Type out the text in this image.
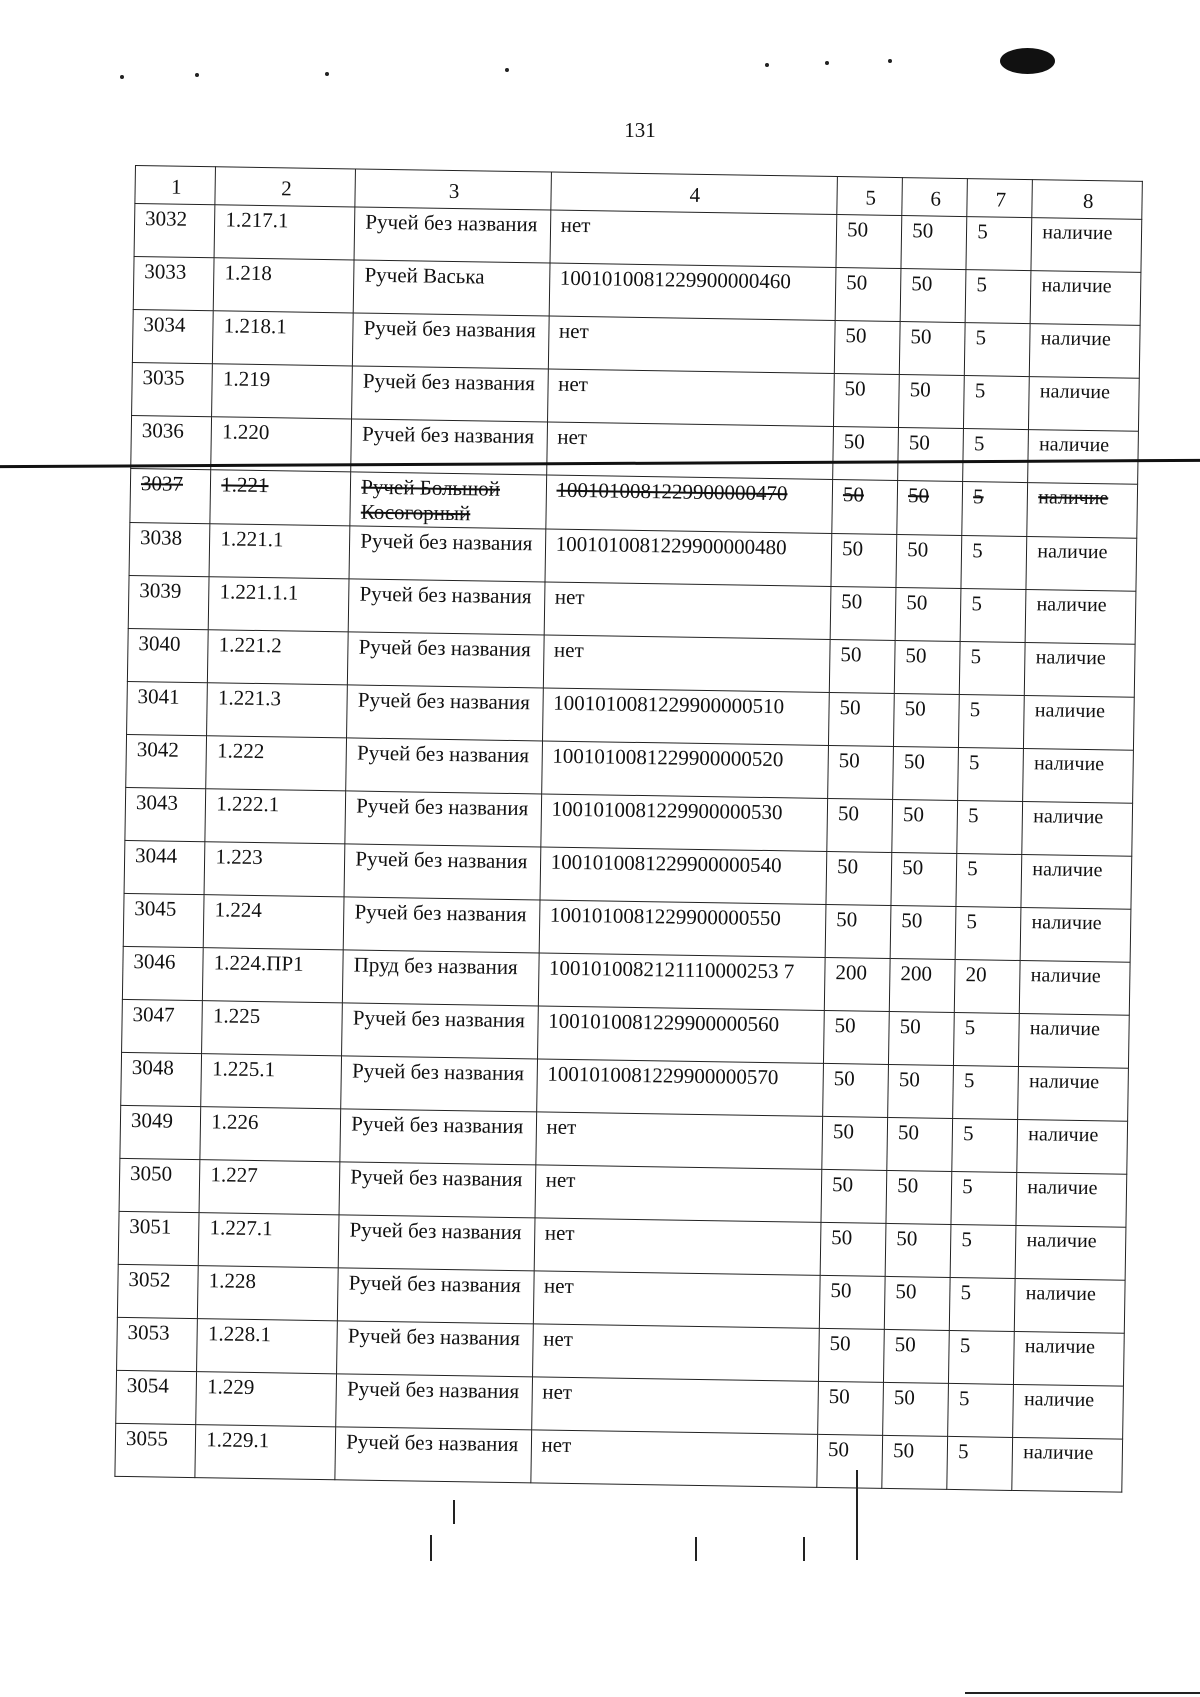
131
1	2	3	4	5	6	7	8
3032	1.217.1	Ручей без названия	нет	50	50	5	наличие
3033	1.218	Ручей Васька	1001010081229900000460	50	50	5	наличие
3034	1.218.1	Ручей без названия	нет	50	50	5	наличие
3035	1.219	Ручей без названия	нет	50	50	5	наличие
3036	1.220	Ручей без названия	нет	50	50	5	наличие
3037	1.221	Ручей Большой Косогорный	1001010081229900000470	50	50	5	наличие
3038	1.221.1	Ручей без названия	1001010081229900000480	50	50	5	наличие
3039	1.221.1.1	Ручей без названия	нет	50	50	5	наличие
3040	1.221.2	Ручей без названия	нет	50	50	5	наличие
3041	1.221.3	Ручей без названия	1001010081229900000510	50	50	5	наличие
3042	1.222	Ручей без названия	1001010081229900000520	50	50	5	наличие
3043	1.222.1	Ручей без названия	1001010081229900000530	50	50	5	наличие
3044	1.223	Ручей без названия	1001010081229900000540	50	50	5	наличие
3045	1.224	Ручей без названия	1001010081229900000550	50	50	5	наличие
3046	1.224.ПР1	Пруд без названия	1001010082121110000253 7	200	200	20	наличие
3047	1.225	Ручей без названия	1001010081229900000560	50	50	5	наличие
3048	1.225.1	Ручей без названия	1001010081229900000570	50	50	5	наличие
3049	1.226	Ручей без названия	нет	50	50	5	наличие
3050	1.227	Ручей без названия	нет	50	50	5	наличие
3051	1.227.1	Ручей без названия	нет	50	50	5	наличие
3052	1.228	Ручей без названия	нет	50	50	5	наличие
3053	1.228.1	Ручей без названия	нет	50	50	5	наличие
3054	1.229	Ручей без названия	нет	50	50	5	наличие
3055	1.229.1	Ручей без названия	нет	50	50	5	наличие
